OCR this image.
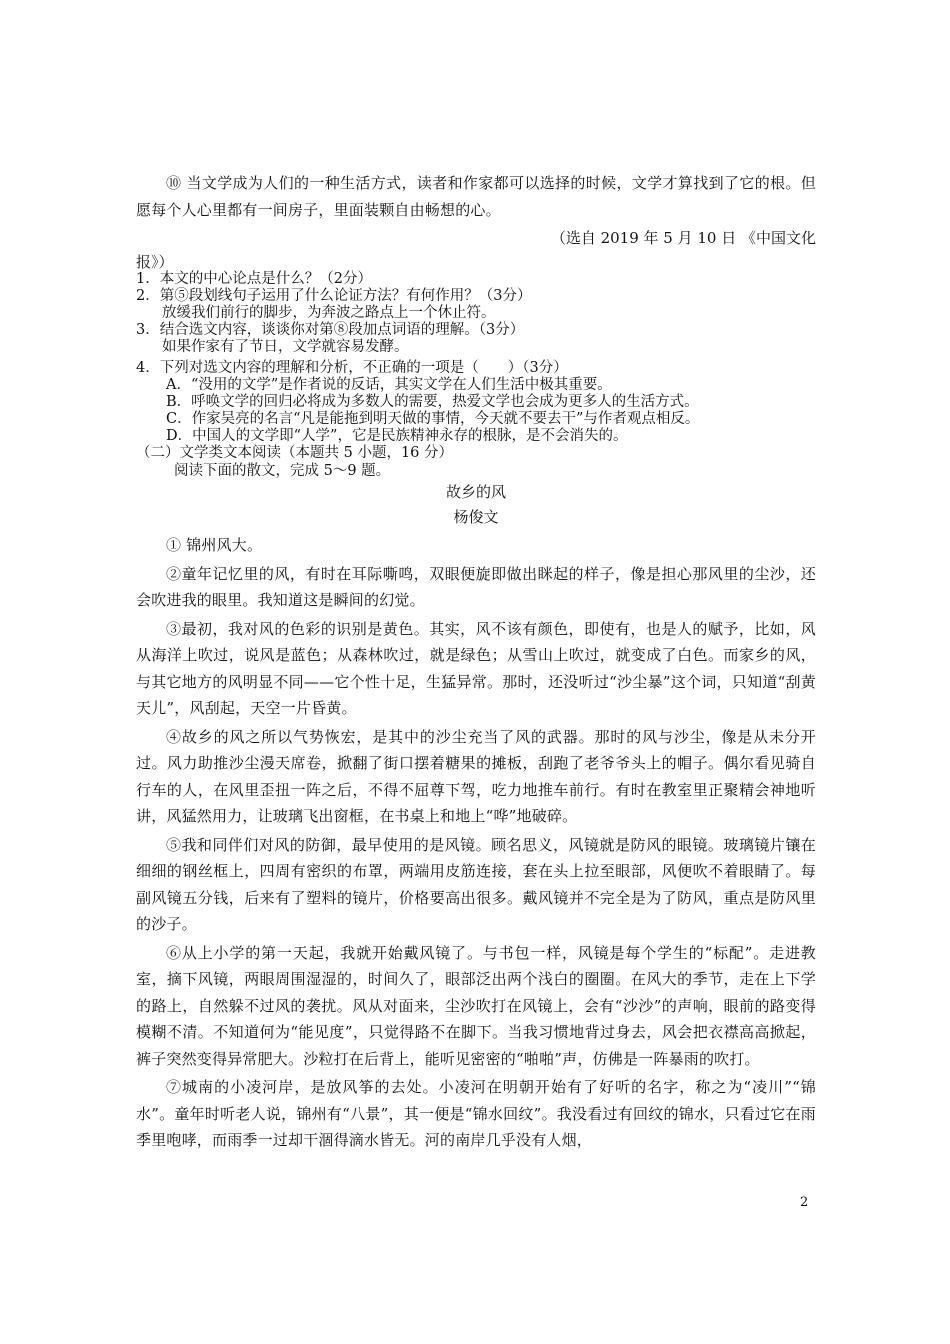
⑩ 当文学成为人们的一种生活方式，读者和作家都可以选择的时候，文学才算找到了它的根。但愿每个人心里都有一间房子，里面装颗自由畅想的心。

（选自 2019 年 5 月 10 日 《中国文化

报》）

1．本文的中心论点是什么？（2分）

2．第⑤段划线句子运用了什么论证方法？有何作用？（3分）

放缓我们前行的脚步，为奔波之路点上一个休止符。

3．结合选文内容，谈谈你对第⑧段加点词语的理解。（3分）

如果作家有了节日，文学就容易发酵。

4．下列对选文内容的理解和分析，不正确的一项是（　　）（3分）

A．“没用的文学”是作者说的反话，其实文学在人们生活中极其重要。

B．呼唤文学的回归必将成为多数人的需要，热爱文学也会成为更多人的生活方式。

C．作家吴亮的名言“凡是能拖到明天做的事情，今天就不要去干”与作者观点相反。

D．中国人的文学即“人学”，它是民族精神永存的根脉，是不会消失的。

（二）文学类文本阅读（本题共 5 小题，16 分）

阅读下面的散文，完成 5～9 题。

故乡的风

杨俊文

① 锦州风大。

②童年记忆里的风，有时在耳际嘶鸣，双眼便旋即做出眯起的样子，像是担心那风里的尘沙，还会吹进我的眼里。我知道这是瞬间的幻觉。

③最初，我对风的色彩的识别是黄色。其实，风不该有颜色，即使有，也是人的赋予，比如，风从海洋上吹过，说风是蓝色；从森林吹过，就是绿色；从雪山上吹过，就变成了白色。而家乡的风，与其它地方的风明显不同——它个性十足，生猛异常。那时，还没听过“沙尘暴”这个词，只知道“刮黄天儿”，风刮起，天空一片昏黄。

④故乡的风之所以气势恢宏，是其中的沙尘充当了风的武器。那时的风与沙尘，像是从未分开过。风力助推沙尘漫天席卷，掀翻了街口摆着糖果的摊板，刮跑了老爷爷头上的帽子。偶尔看见骑自行车的人，在风里歪扭一阵之后，不得不屈尊下驾，吃力地推车前行。有时在教室里正聚精会神地听讲，风猛然用力，让玻璃飞出窗框，在书桌上和地上“哗”地破碎。

⑤我和同伴们对风的防御，最早使用的是风镜。顾名思义，风镜就是防风的眼镜。玻璃镜片镶在细细的钢丝框上，四周有密织的布罩，两端用皮筋连接，套在头上拉至眼部，风便吹不着眼睛了。每副风镜五分钱，后来有了塑料的镜片，价格要高出很多。戴风镜并不完全是为了防风，重点是防风里的沙子。

⑥从上小学的第一天起，我就开始戴风镜了。与书包一样，风镜是每个学生的“标配”。走进教室，摘下风镜，两眼周围湿湿的，时间久了，眼部泛出两个浅白的圈圈。在风大的季节，走在上下学的路上，自然躲不过风的袭扰。风从对面来，尘沙吹打在风镜上，会有“沙沙”的声响，眼前的路变得模糊不清。不知道何为“能见度”，只觉得路不在脚下。当我习惯地背过身去，风会把衣襟高高掀起，裤子突然变得异常肥大。沙粒打在后背上，能听见密密的“啪啪”声，仿佛是一阵暴雨的吹打。

⑦城南的小凌河岸，是放风筝的去处。小凌河在明朝开始有了好听的名字，称之为“凌川”“锦水”。童年时听老人说，锦州有“八景”，其一便是“锦水回纹”。我没看过有回纹的锦水，只看过它在雨季里咆哮，而雨季一过却干涸得滴水皆无。河的南岸几乎没有人烟，

2
